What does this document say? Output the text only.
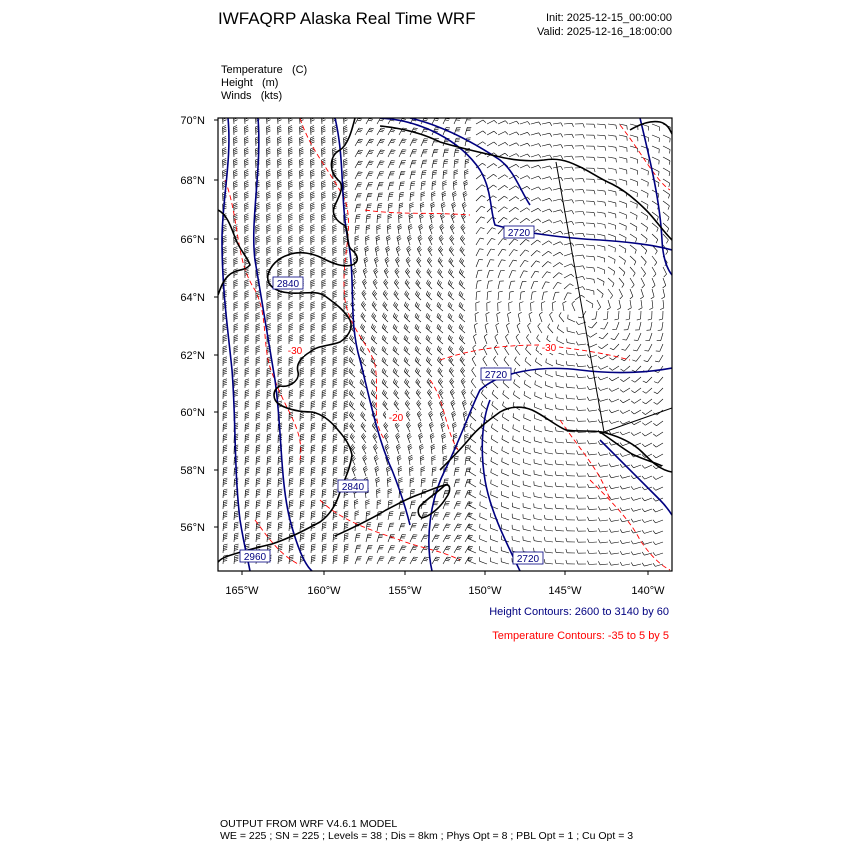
IWFAQRP Alaska Real Time WRF	Init: 2025-12-15_00:00:00
Valid: 2025-12-16_18:00:00
Temperature (C)
Height (m)
Winds (kts)
2720
2840
2720
2840
2960	2720
-30
-20
-30
70°N
68°N
66°N
64°N
62°N
60°N
58°N
56°N
165°W	160°W	155°W	150°W	145°W	140°W
Height Contours: 2600 to 3140 by 60
Temperature Contours: -35 to 5 by 5
OUTPUT FROM WRF V4.6.1 MODEL
WE = 225 ; SN = 225 ; Levels = 38 ; Dis = 8km ; Phys Opt = 8 ; PBL Opt = 1 ; Cu Opt = 3
